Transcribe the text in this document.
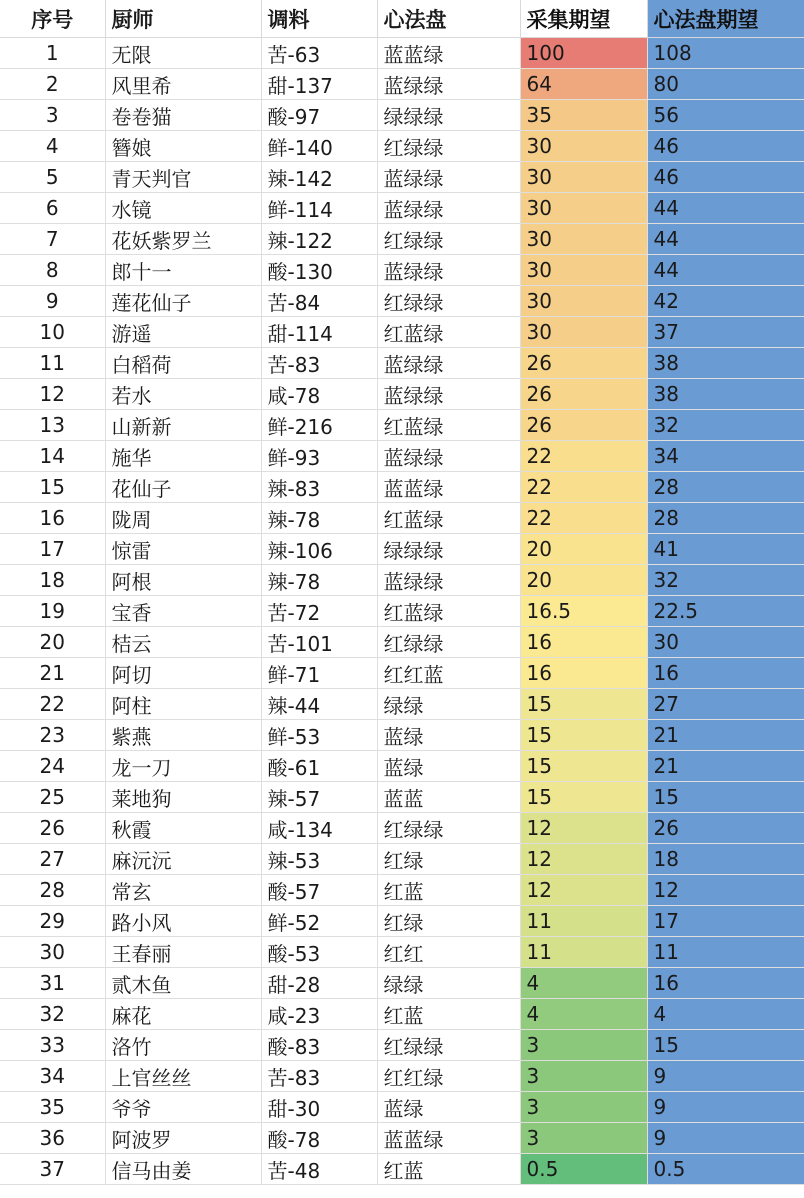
序号	厨师	调料	心法盘	采集期望	心法盘期望
1	无限	苦-63	蓝蓝绿	100	108
2	风里希	甜-137	蓝绿绿	64	80
3	卷卷猫	酸-97	绿绿绿	35	56
4	簪娘	鲜-140	红绿绿	30	46
5	青天判官	辣-142	蓝绿绿	30	46
6	水镜	鲜-114	蓝绿绿	30	44
7	花妖紫罗兰	辣-122	红绿绿	30	44
8	郎十一	酸-130	蓝绿绿	30	44
9	莲花仙子	苦-84	红绿绿	30	42
10	游遥	甜-114	红蓝绿	30	37
11	白稻荷	苦-83	蓝绿绿	26	38
12	若水	咸-78	蓝绿绿	26	38
13	山新新	鲜-216	红蓝绿	26	32
14	施华	鲜-93	蓝绿绿	22	34
15	花仙子	辣-83	蓝蓝绿	22	28
16	陇周	辣-78	红蓝绿	22	28
17	惊雷	辣-106	绿绿绿	20	41
18	阿根	辣-78	蓝绿绿	20	32
19	宝香	苦-72	红蓝绿	16.5	22.5
20	桔云	苦-101	红绿绿	16	30
21	阿切	鲜-71	红红蓝	16	16
22	阿柱	辣-44	绿绿	15	27
23	紫燕	鲜-53	蓝绿	15	21
24	龙一刀	酸-61	蓝绿	15	21
25	莱地狗	辣-57	蓝蓝	15	15
26	秋霞	咸-134	红绿绿	12	26
27	麻沅沅	辣-53	红绿	12	18
28	常玄	酸-57	红蓝	12	12
29	路小风	鲜-52	红绿	11	17
30	王春丽	酸-53	红红	11	11
31	贰木鱼	甜-28	绿绿	4	16
32	麻花	咸-23	红蓝	4	4
33	洛竹	酸-83	红绿绿	3	15
34	上官丝丝	苦-83	红红绿	3	9
35	爷爷	甜-30	蓝绿	3	9
36	阿波罗	酸-78	蓝蓝绿	3	9
37	信马由姜	苦-48	红蓝	0.5	0.5
